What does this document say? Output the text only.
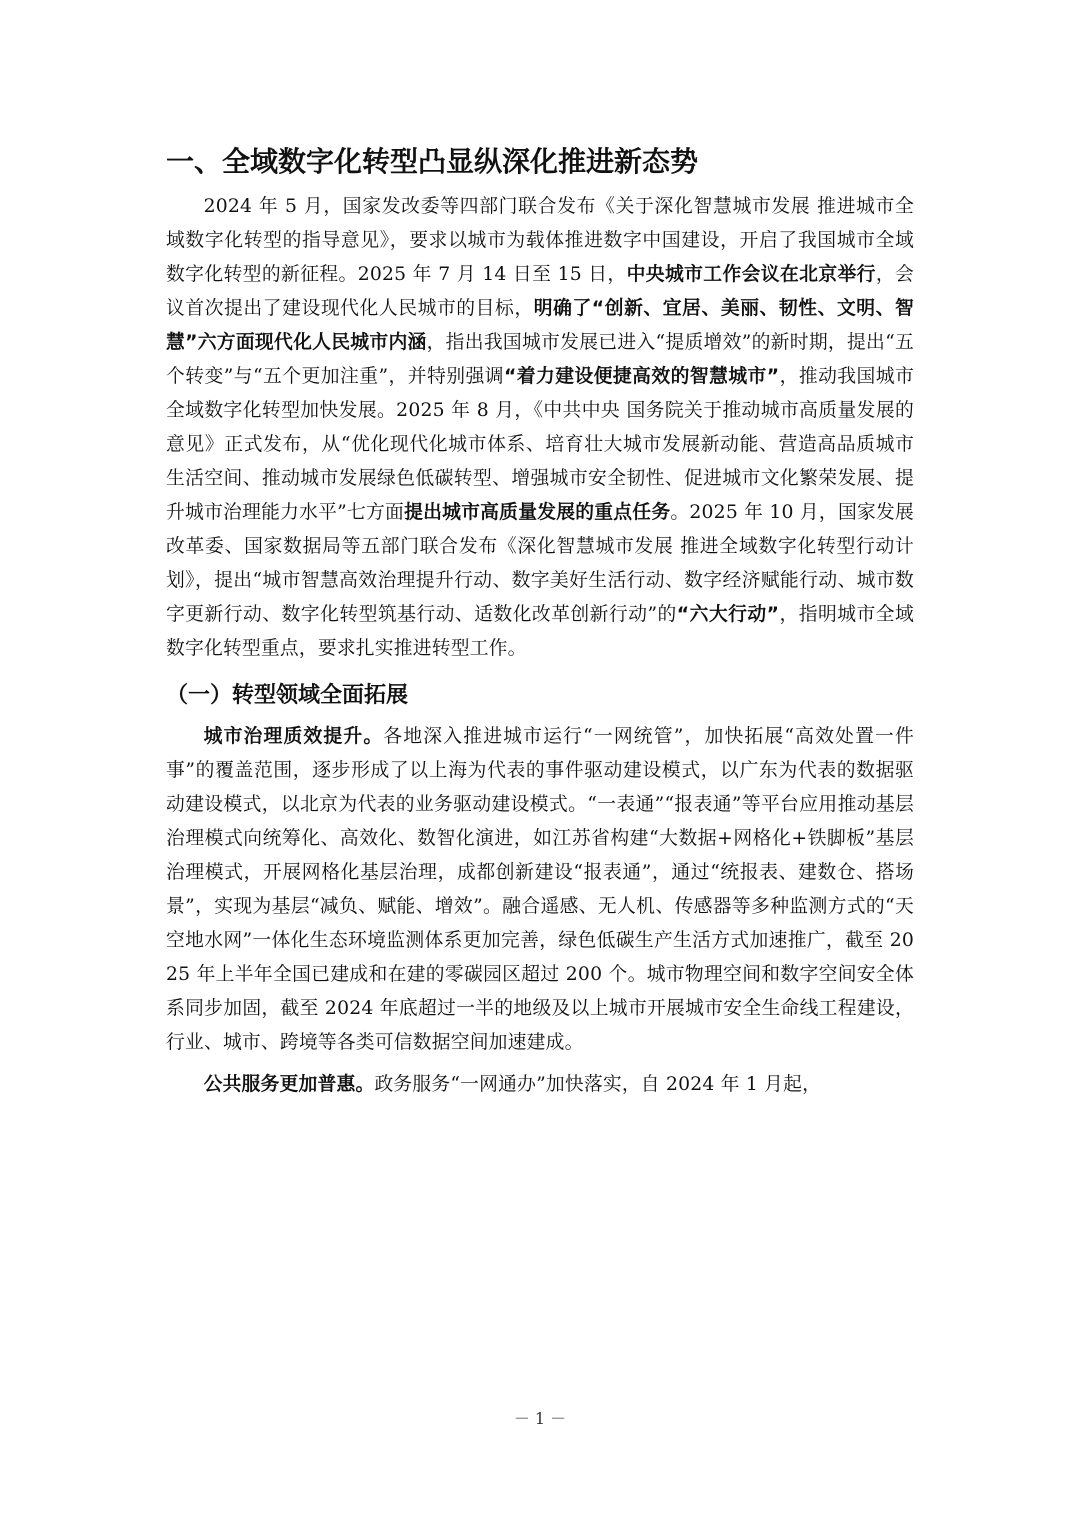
一、全域数字化转型凸显纵深化推进新态势

2024 年 5 月，国家发改委等四部门联合发布《关于深化智慧城市发展 推进城市全域数字化转型的指导意见》，要求以城市为载体推进数字中国建设，开启了我国城市全域数字化转型的新征程。2025 年 7 月 14 日至 15 日，中央城市工作会议在北京举行，会议首次提出了建设现代化人民城市的目标，明确了“创新、宜居、美丽、韧性、文明、智慧”六方面现代化人民城市内涵，指出我国城市发展已进入“提质增效”的新时期，提出“五个转变”与“五个更加注重”，并特别强调“着力建设便捷高效的智慧城市”，推动我国城市全域数字化转型加快发展。2025 年 8 月，《中共中央 国务院关于推动城市高质量发展的意见》正式发布，从“优化现代化城市体系、培育壮大城市发展新动能、营造高品质城市生活空间、推动城市发展绿色低碳转型、增强城市安全韧性、促进城市文化繁荣发展、提升城市治理能力水平”七方面提出城市高质量发展的重点任务。2025 年 10 月，国家发展改革委、国家数据局等五部门联合发布《深化智慧城市发展 推进全域数字化转型行动计划》，提出“城市智慧高效治理提升行动、数字美好生活行动、数字经济赋能行动、城市数字更新行动、数字化转型筑基行动、适数化改革创新行动”的“六大行动”，指明城市全域数字化转型重点，要求扎实推进转型工作。

（一）转型领域全面拓展

城市治理质效提升。各地深入推进城市运行“一网统管”，加快拓展“高效处置一件事”的覆盖范围，逐步形成了以上海为代表的事件驱动建设模式，以广东为代表的数据驱动建设模式，以北京为代表的业务驱动建设模式。“一表通”“报表通”等平台应用推动基层治理模式向统筹化、高效化、数智化演进，如江苏省构建“大数据+网格化+铁脚板”基层治理模式，开展网格化基层治理，成都创新建设“报表通”，通过“统报表、建数仓、搭场景”，实现为基层“减负、赋能、增效”。融合遥感、无人机、传感器等多种监测方式的“天空地水网”一体化生态环境监测体系更加完善，绿色低碳生产生活方式加速推广，截至 2025 年上半年全国已建成和在建的零碳园区超过 200 个。城市物理空间和数字空间安全体系同步加固，截至 2024 年底超过一半的地级及以上城市开展城市安全生命线工程建设，行业、城市、跨境等各类可信数据空间加速建成。

公共服务更加普惠。政务服务“一网通办”加快落实，自 2024 年 1 月起，

－ 1 －
